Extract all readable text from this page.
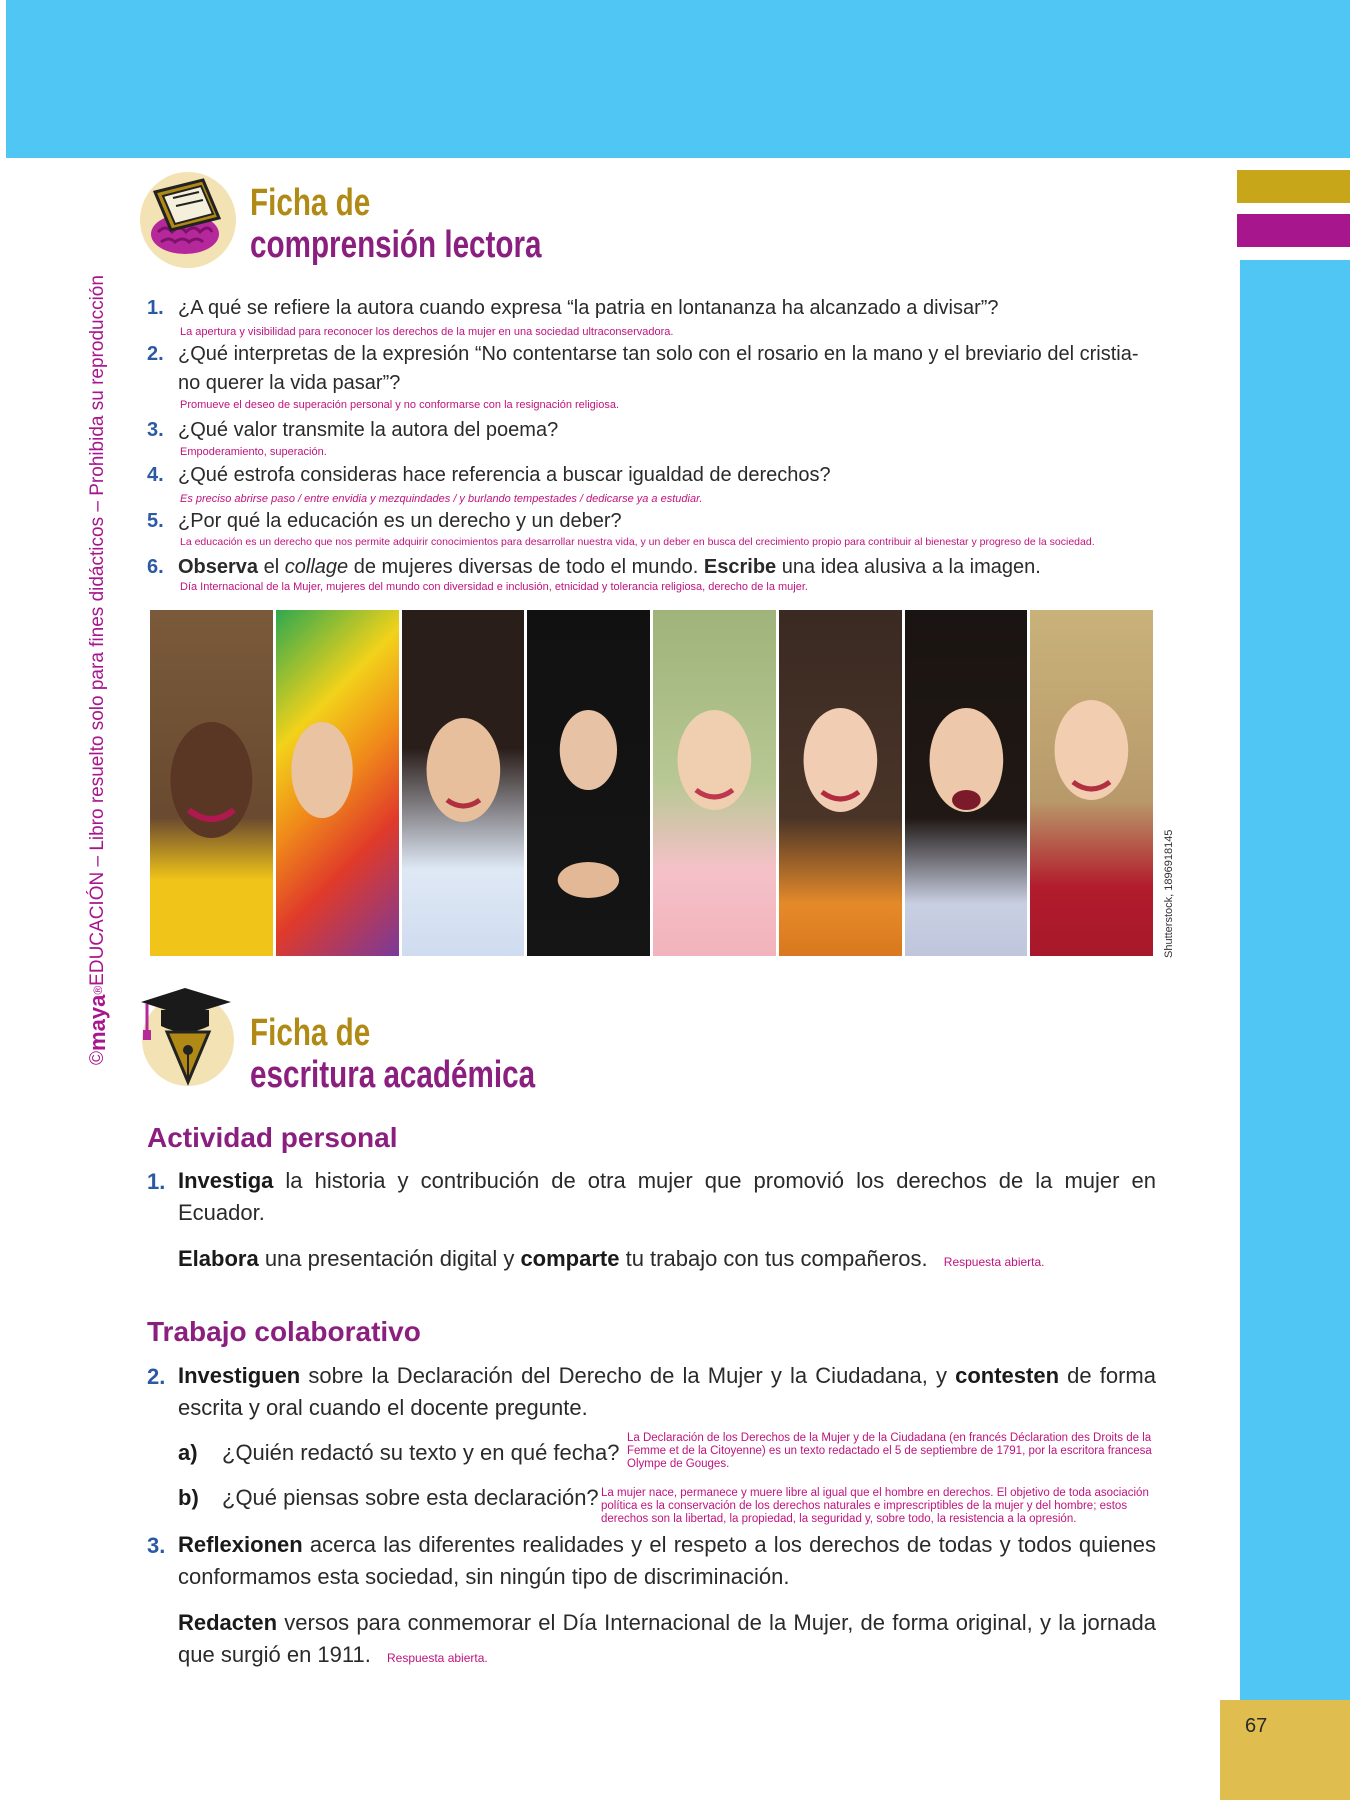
67
©
maya
®
EDUCACIÓN – Libro resuelto solo para fines didácticos – Prohibida su reproducción
Ficha de
comprensión lectora
1. ¿A qué se refiere la autora cuando expresa “la patria en lontananza ha alcanzado a divisar”?
La apertura y visibilidad para reconocer los derechos de la mujer en una sociedad ultraconservadora.
2. ¿Qué interpretas de la expresión “No contentarse tan solo con el rosario en la mano y el breviario del cristia-
no querer la vida pasar”?
Promueve el deseo de superación personal y no conformarse con la resignación religiosa.
3. ¿Qué valor transmite la autora del poema?
Empoderamiento, superación.
4. ¿Qué estrofa consideras hace referencia a buscar igualdad de derechos?
Es preciso abrirse paso / entre envidia y mezquindades / y burlando tempestades / dedicarse ya a estudiar.
5. ¿Por qué la educación es un derecho y un deber?
La educación es un derecho que nos permite adquirir conocimientos para desarrollar nuestra vida, y un deber en busca del crecimiento propio para contribuir al bienestar y progreso de la sociedad.
6. Observa el collage de mujeres diversas de todo el mundo. Escribe una idea alusiva a la imagen.
Día Internacional de la Mujer, mujeres del mundo con diversidad e inclusión, etnicidad y tolerancia religiosa, derecho de la mujer.
Shutterstock, 1896918145
Ficha de
escritura académica
Actividad personal
1. Investiga la historia y contribución de otra mujer que promovió los derechos de la mujer en Ecuador.
Elabora una presentación digital y comparte tu trabajo con tus compañeros. Respuesta abierta.
Trabajo colaborativo
2. Investiguen sobre la Declaración del Derecho de la Mujer y la Ciudadana, y contesten de forma escrita y oral cuando el docente pregunte.
a) ¿Quién redactó su texto y en qué fecha?
La Declaración de los Derechos de la Mujer y de la Ciudadana (en francés Déclaration des Droits de la Femme et de la Citoyenne) es un texto redactado el 5 de septiembre de 1791, por la escritora francesa Olympe de Gouges.
b) ¿Qué piensas sobre esta declaración? La mujer nace, permanece y muere libre al igual que el hombre en derechos. El objetivo de toda asociación política es la conservación de los derechos naturales e imprescriptibles de la mujer y del hombre; estos derechos son la libertad, la propiedad, la seguridad y, sobre todo, la resistencia a la opresión.
3. Reflexionen acerca las diferentes realidades y el respeto a los derechos de todas y todos quienes conformamos esta sociedad, sin ningún tipo de discriminación.
Redacten versos para conmemorar el Día Internacional de la Mujer, de forma original, y la jornada que surgió en 1911. Respuesta abierta.
